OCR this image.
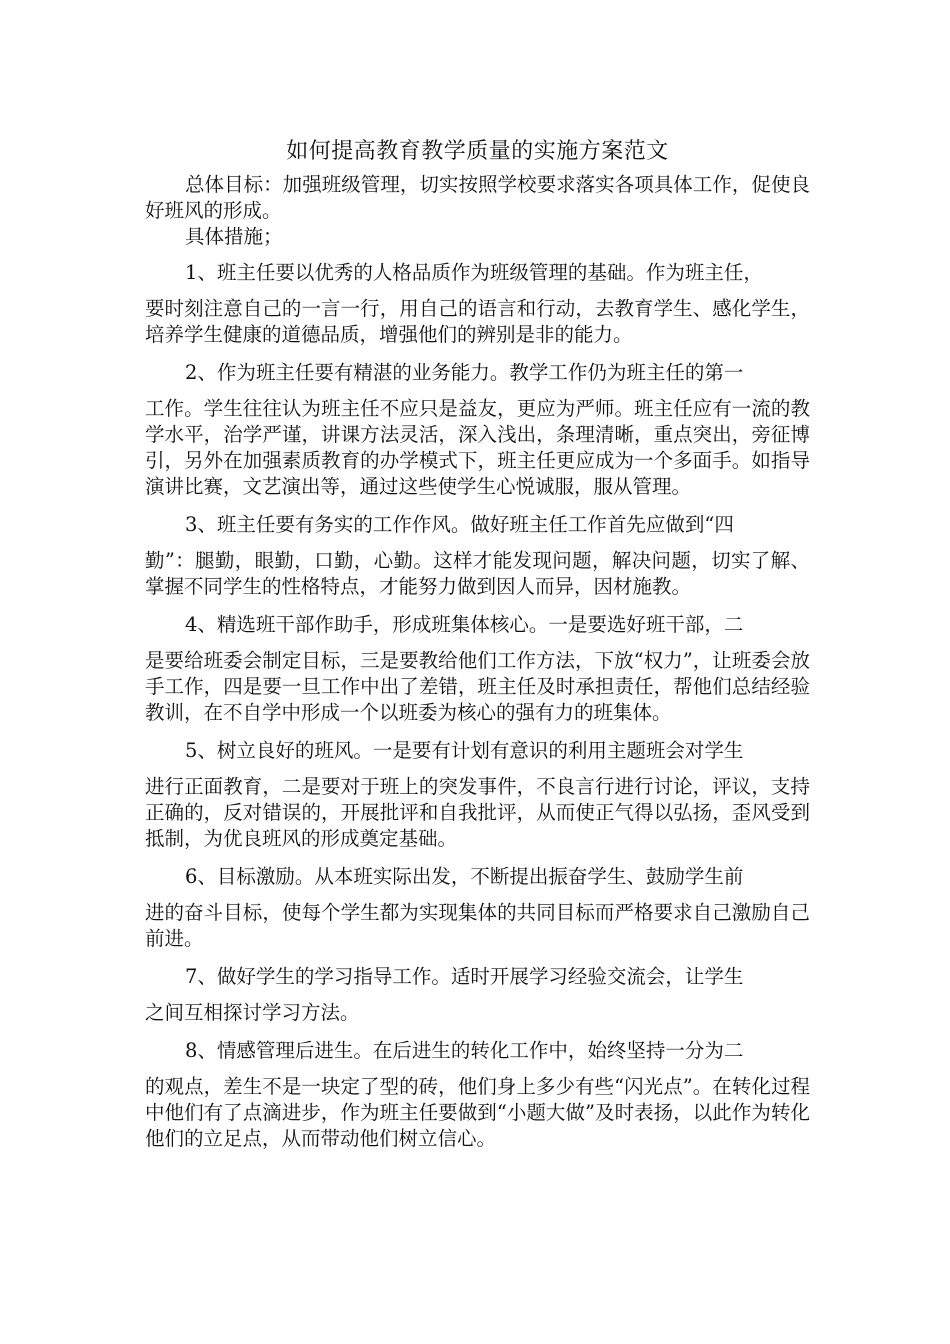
如何提高教育教学质量的实施方案范文

总体目标：加强班级管理，切实按照学校要求落实各项具体工作，促使良好班风的形成。

具体措施；

1、班主任要以优秀的人格品质作为班级管理的基础。作为班主任，
要时刻注意自己的一言一行，用自己的语言和行动，去教育学生、感化学生，培养学生健康的道德品质，增强他们的辨别是非的能力。
2、作为班主任要有精湛的业务能力。教学工作仍为班主任的第一
工作。学生往往认为班主任不应只是益友，更应为严师。班主任应有一流的教学水平，治学严谨，讲课方法灵活，深入浅出，条理清晰，重点突出，旁征博引，另外在加强素质教育的办学模式下，班主任更应成为一个多面手。如指导演讲比赛，文艺演出等，通过这些使学生心悦诚服，服从管理。
3、班主任要有务实的工作作风。做好班主任工作首先应做到“四
勤”：腿勤，眼勤，口勤，心勤。这样才能发现问题，解决问题，切实了解、掌握不同学生的性格特点，才能努力做到因人而异，因材施教。
4、精选班干部作助手，形成班集体核心。一是要选好班干部，二
是要给班委会制定目标，三是要教给他们工作方法，下放“权力”，让班委会放手工作，四是要一旦工作中出了差错，班主任及时承担责任，帮他们总结经验教训，在不自学中形成一个以班委为核心的强有力的班集体。
5、树立良好的班风。一是要有计划有意识的利用主题班会对学生
进行正面教育，二是要对于班上的突发事件，不良言行进行讨论，评议，支持正确的，反对错误的，开展批评和自我批评，从而使正气得以弘扬，歪风受到抵制，为优良班风的形成奠定基础。
6、目标激励。从本班实际出发，不断提出振奋学生、鼓励学生前
进的奋斗目标，使每个学生都为实现集体的共同目标而严格要求自己激励自己前进。
7、做好学生的学习指导工作。适时开展学习经验交流会，让学生
之间互相探讨学习方法。
8、情感管理后进生。在后进生的转化工作中，始终坚持一分为二
的观点，差生不是一块定了型的砖，他们身上多少有些“闪光点”。在转化过程中他们有了点滴进步，作为班主任要做到“小题大做”及时表扬，以此作为转化他们的立足点，从而带动他们树立信心。
